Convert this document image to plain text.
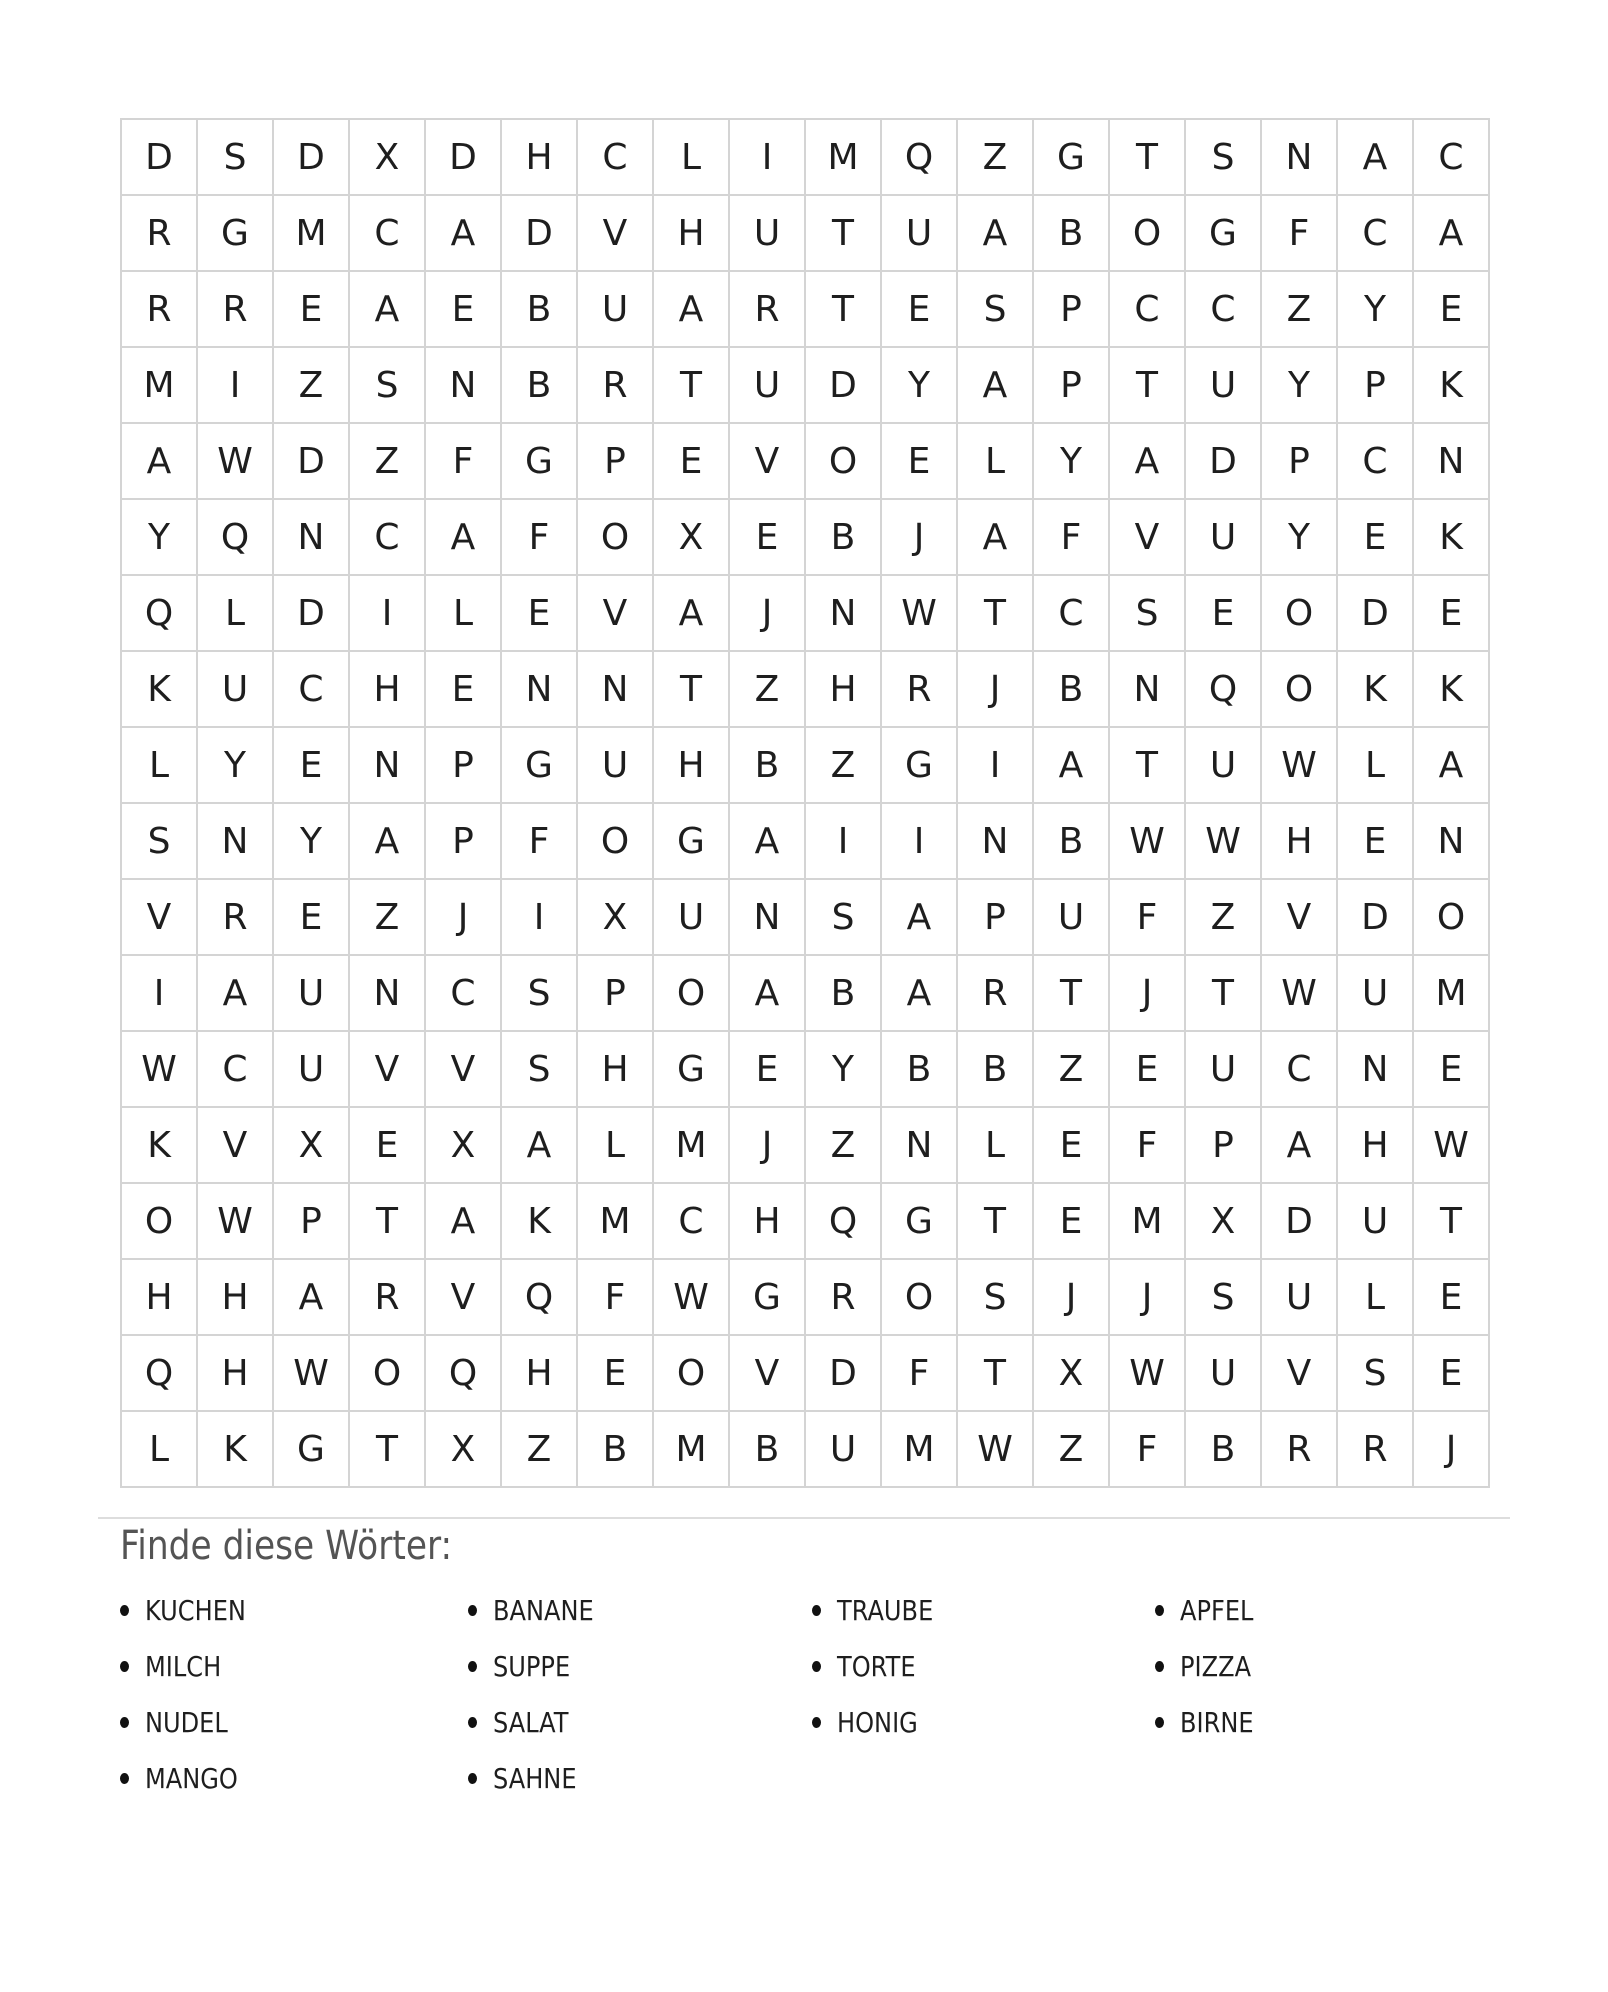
D	S	D	X	D	H	C	L	I	M	Q	Z	G	T	S	N	A	C
R	G	M	C	A	D	V	H	U	T	U	A	B	O	G	F	C	A
R	R	E	A	E	B	U	A	R	T	E	S	P	C	C	Z	Y	E
M	I	Z	S	N	B	R	T	U	D	Y	A	P	T	U	Y	P	K
A	W	D	Z	F	G	P	E	V	O	E	L	Y	A	D	P	C	N
Y	Q	N	C	A	F	O	X	E	B	J	A	F	V	U	Y	E	K
Q	L	D	I	L	E	V	A	J	N	W	T	C	S	E	O	D	E
K	U	C	H	E	N	N	T	Z	H	R	J	B	N	Q	O	K	K
L	Y	E	N	P	G	U	H	B	Z	G	I	A	T	U	W	L	A
S	N	Y	A	P	F	O	G	A	I	I	N	B	W	W	H	E	N
V	R	E	Z	J	I	X	U	N	S	A	P	U	F	Z	V	D	O
I	A	U	N	C	S	P	O	A	B	A	R	T	J	T	W	U	M
W	C	U	V	V	S	H	G	E	Y	B	B	Z	E	U	C	N	E
K	V	X	E	X	A	L	M	J	Z	N	L	E	F	P	A	H	W
O	W	P	T	A	K	M	C	H	Q	G	T	E	M	X	D	U	T
H	H	A	R	V	Q	F	W	G	R	O	S	J	J	S	U	L	E
Q	H	W	O	Q	H	E	O	V	D	F	T	X	W	U	V	S	E
L	K	G	T	X	Z	B	M	B	U	M	W	Z	F	B	R	R	J
Finde diese Wörter:
KUCHEN
MILCH
NUDEL
MANGO
BANANE
SUPPE
SALAT
SAHNE
TRAUBE
TORTE
HONIG
APFEL
PIZZA
BIRNE
